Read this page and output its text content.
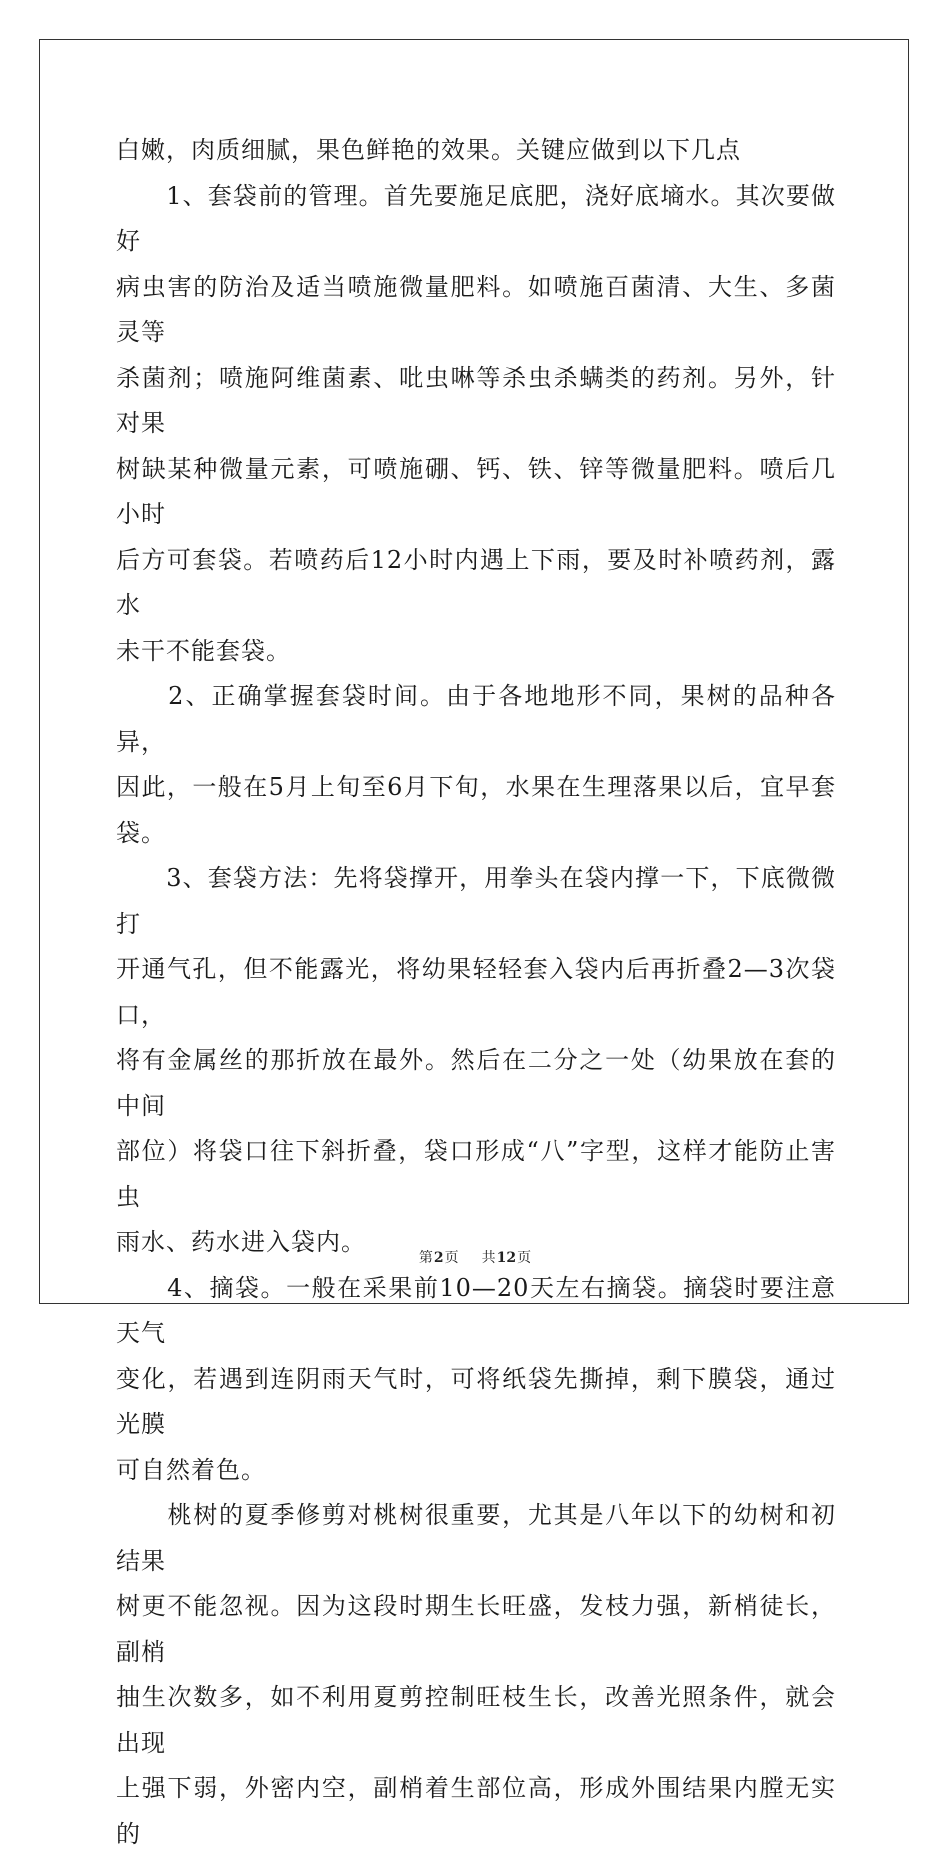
白嫩，肉质细腻，果色鲜艳的效果。关键应做到以下几点

　　1、套袋前的管理。首先要施足底肥，浇好底墒水。其次要做好

病虫害的防治及适当喷施微量肥料。如喷施百菌清、大生、多菌灵等

杀菌剂；喷施阿维菌素、吡虫啉等杀虫杀螨类的药剂。另外，针对果

树缺某种微量元素，可喷施硼、钙、铁、锌等微量肥料。喷后几小时

后方可套袋。若喷药后12小时内遇上下雨，要及时补喷药剂，露水

未干不能套袋。

　　2、正确掌握套袋时间。由于各地地形不同，果树的品种各异，

因此，一般在5月上旬至6月下旬，水果在生理落果以后，宜早套袋。

　　3、套袋方法：先将袋撑开，用拳头在袋内撑一下，下底微微打

开通气孔，但不能露光，将幼果轻轻套入袋内后再折叠2—3次袋口，

将有金属丝的那折放在最外。然后在二分之一处（幼果放在套的中间

部位）将袋口往下斜折叠，袋口形成“八”字型，这样才能防止害虫

雨水、药水进入袋内。

　　4、摘袋。一般在采果前10—20天左右摘袋。摘袋时要注意天气

变化，若遇到连阴雨天气时，可将纸袋先撕掉，剩下膜袋，通过光膜

可自然着色。

　　桃树的夏季修剪对桃树很重要，尤其是八年以下的幼树和初结果

树更不能忽视。因为这段时期生长旺盛，发枝力强，新梢徒长，副梢

抽生次数多，如不利用夏剪控制旺枝生长，改善光照条件，就会出现

上强下弱，外密内空，副梢着生部位高，形成外围结果内膛无实的

第2页 共12页
